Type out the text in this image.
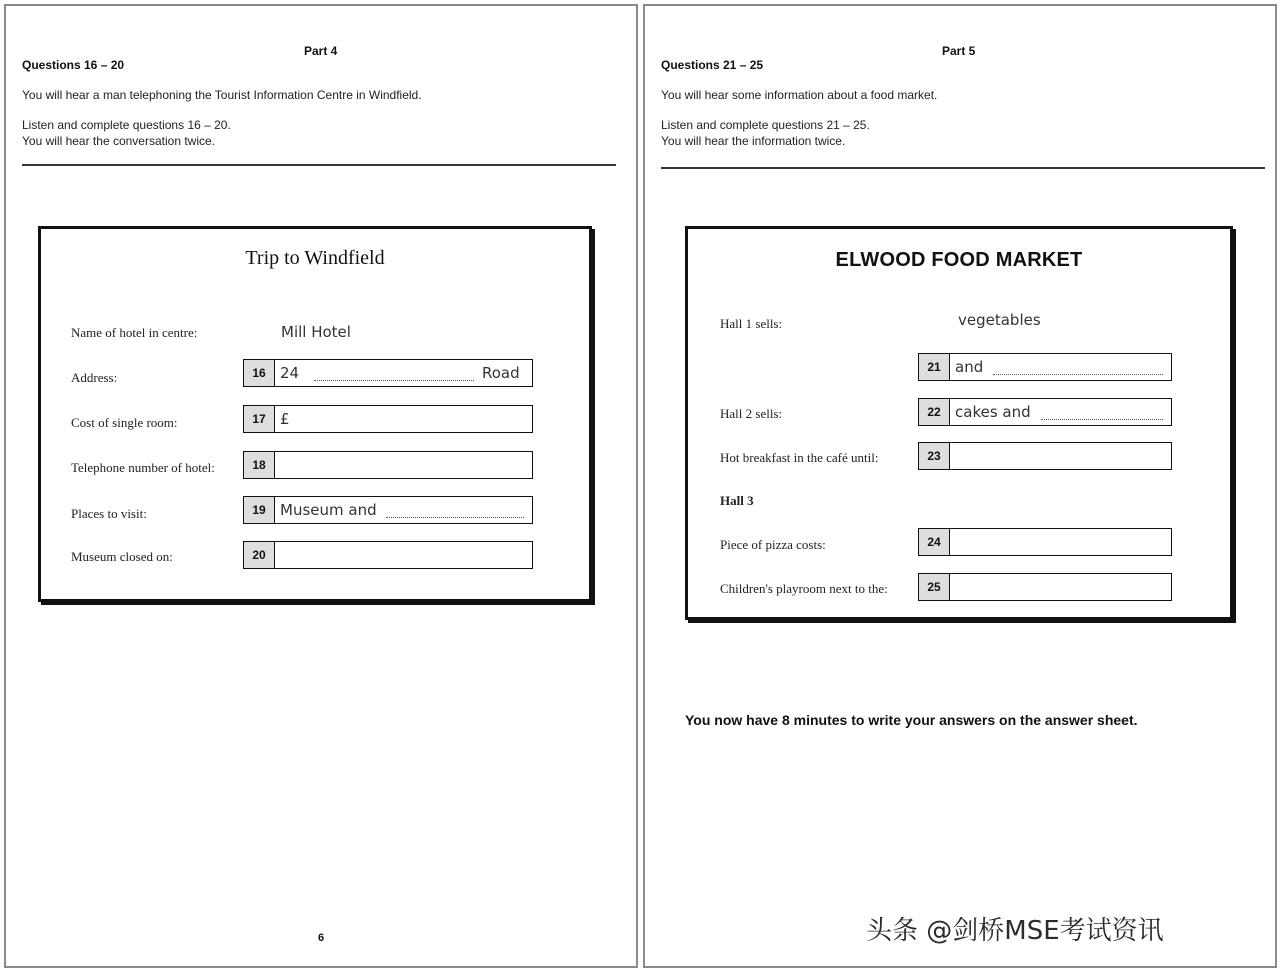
Part 4
Questions 16 – 20
You will hear a man telephoning the Tourist Information Centre in Windfield.
Listen and complete questions 16 – 20.
You will hear the conversation twice.
Trip to Windfield
Name of hotel in centre:	Mill Hotel
Address:	16 24	Road
Cost of single room:	17 £
Telephone number of hotel:	18
Places to visit:	19 Museum and
Museum closed on:	20
6
Part 5
Questions 21 – 25
You will hear some information about a food market.
Listen and complete questions 21 – 25.
You will hear the information twice.
ELWOOD FOOD MARKET
Hall 1 sells:	vegetables
21 and
Hall 2 sells:	22 cakes and
Hot breakfast in the café until:	23
Hall 3
Piece of pizza costs:	24
Children's playroom next to the:	25
You now have 8 minutes to write your answers on the answer sheet.
头条 @剑桥MSE考试资讯
